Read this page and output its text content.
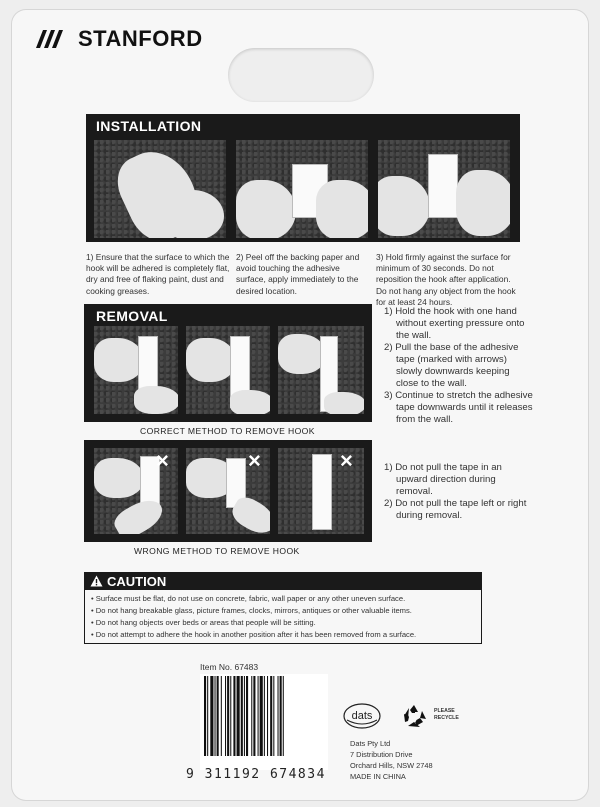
STANFORD
INSTALLATION
1) Ensure that the surface to which the hook will be adhered is completely flat, dry and free of flaking paint, dust and cooking greases.
2) Peel off the backing paper and avoid touching the adhesive surface, apply immediately to the desired location.
3) Hold firmly against the surface for minimum of 30 seconds. Do not reposition the hook after application. Do not hang any object from the hook for at least 24 hours.
REMOVAL
CORRECT METHOD TO REMOVE HOOK
1) Hold the hook with one hand without exerting pressure onto the wall.
2) Pull the base of the adhesive tape (marked with arrows) slowly downwards keeping close to the wall.
3) Continue to stretch the adhesive tape downwards until it releases from the wall.
×	×	×
WRONG METHOD TO REMOVE HOOK
1) Do not pull the tape in an upward direction during removal.
2) Do not pull the tape left or right during removal.
CAUTION
• Surface must be flat, do not use on concrete, fabric, wall paper or any other uneven surface.
• Do not hang breakable glass, picture frames, clocks, mirrors, antiques or other valuable items.
• Do not hang objects over beds or areas that people will be sitting.
• Do not attempt to adhere the hook in another position after it has been removed from a surface.
Item No. 67483
9 311192 674834
dats	PLEASE
RECYCLE
Dats Pty Ltd
7 Distribution Drive
Orchard Hills, NSW 2748
MADE IN CHINA
